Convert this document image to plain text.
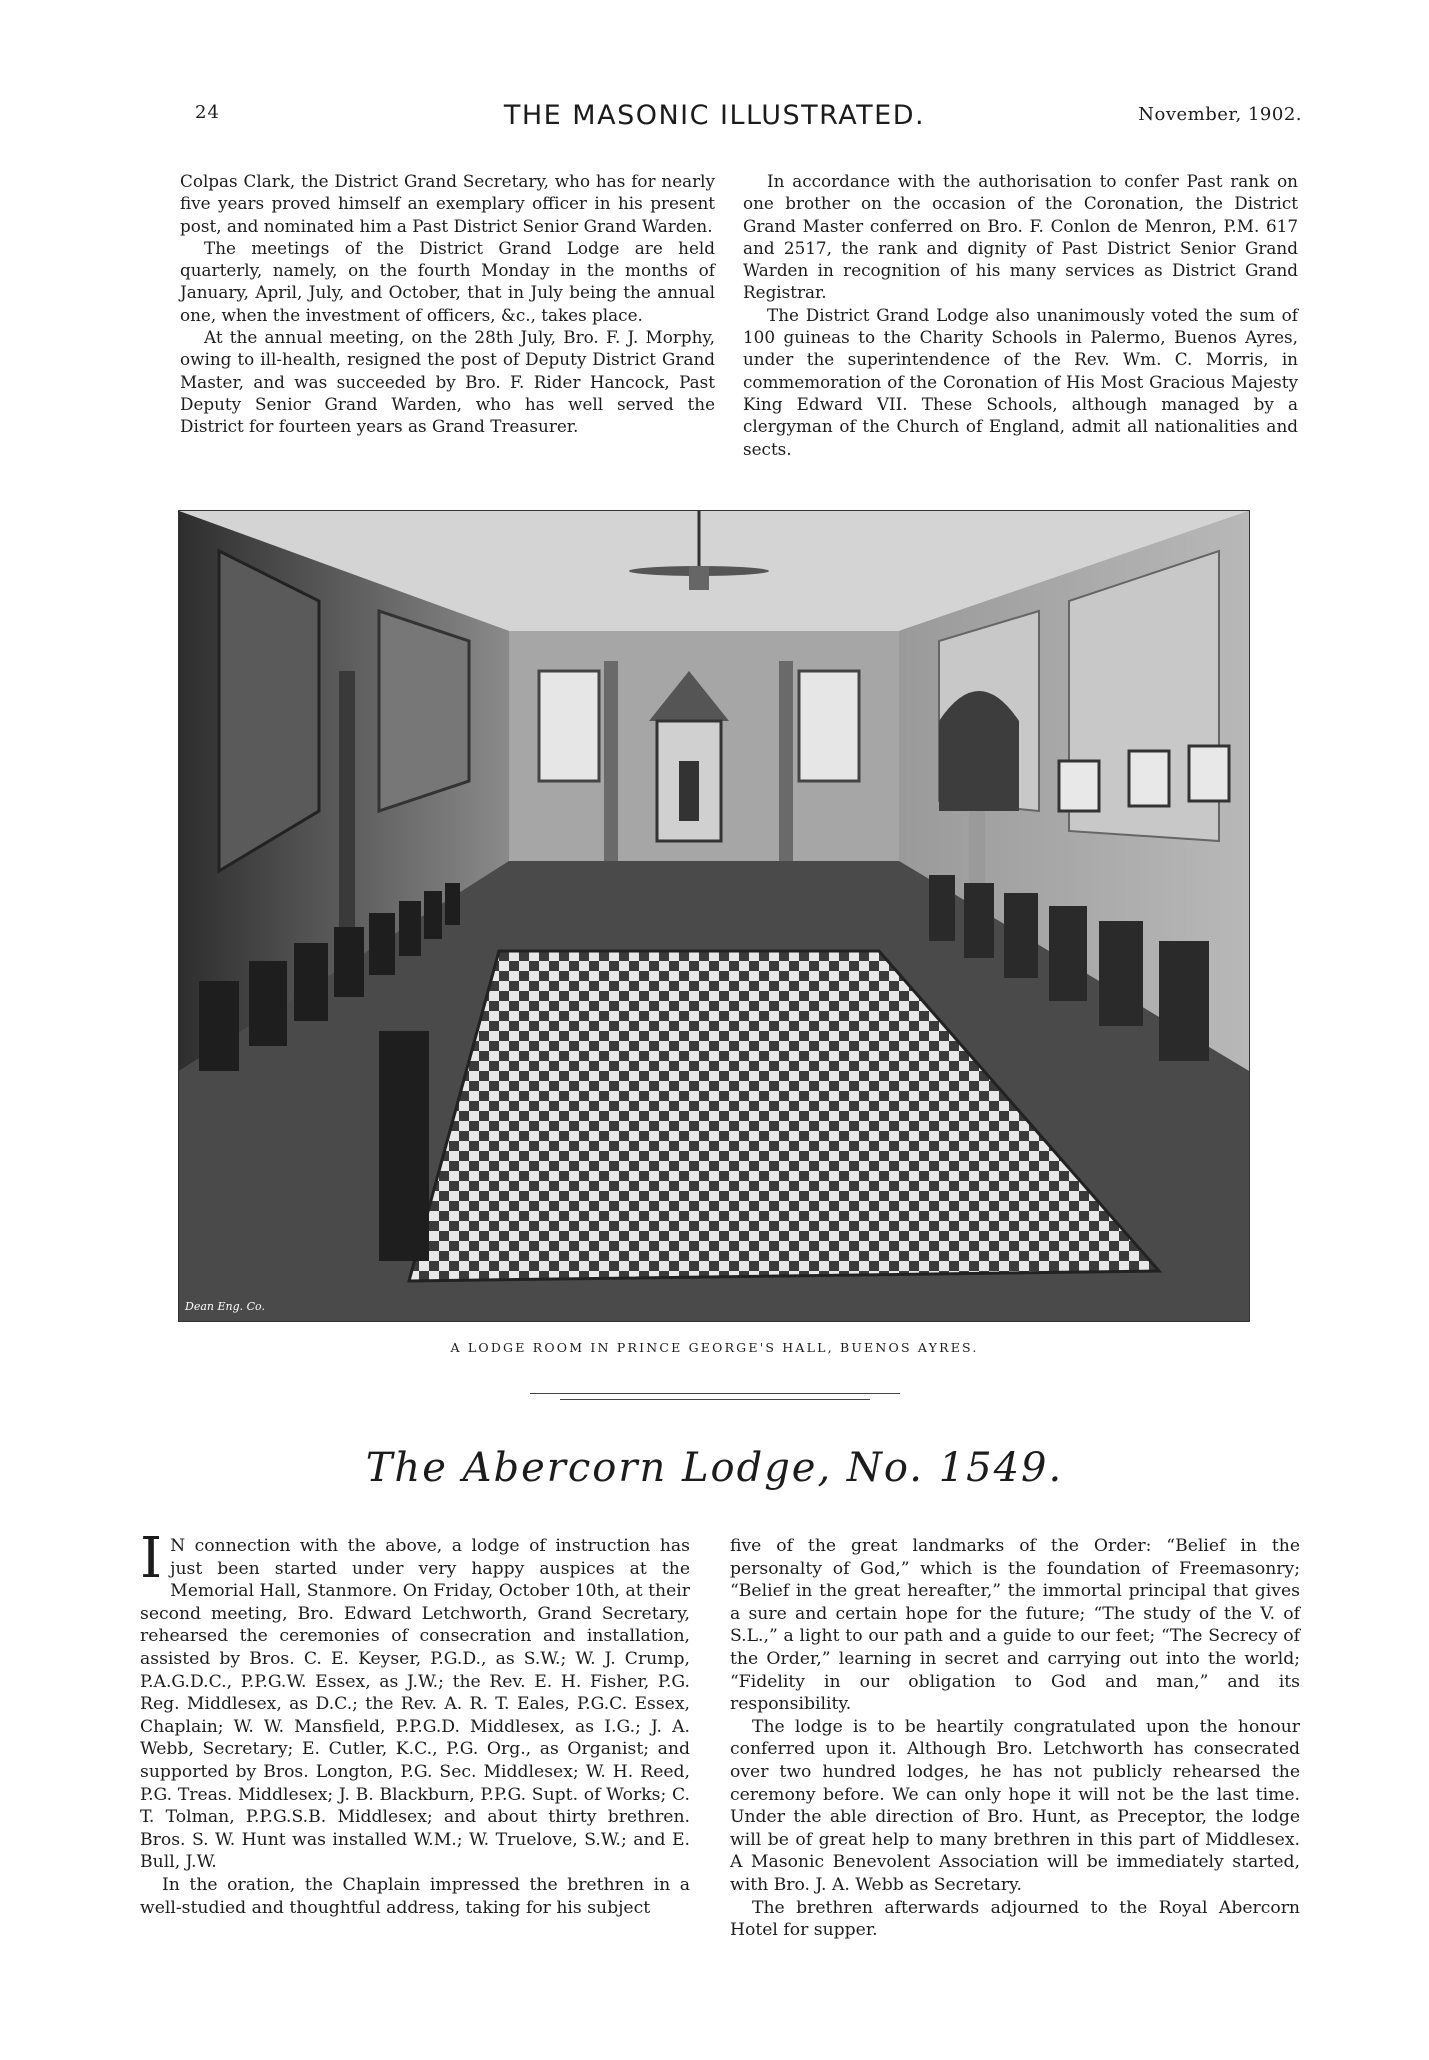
24	THE MASONIC ILLUSTRATED.	November, 1902.

Colpas Clark, the District Grand Secretary, who has for nearly five years proved himself an exemplary officer in his present post, and nominated him a Past District Senior Grand Warden.

The meetings of the District Grand Lodge are held quarterly, namely, on the fourth Monday in the months of January, April, July, and October, that in July being the annual one, when the investment of officers, &c., takes place.

At the annual meeting, on the 28th July, Bro. F. J. Morphy, owing to ill-health, resigned the post of Deputy District Grand Master, and was succeeded by Bro. F. Rider Hancock, Past Deputy Senior Grand Warden, who has well served the District for fourteen years as Grand Treasurer.

In accordance with the authorisation to confer Past rank on one brother on the occasion of the Coronation, the District Grand Master conferred on Bro. F. Conlon de Menron, P.M. 617 and 2517, the rank and dignity of Past District Senior Grand Warden in recognition of his many services as District Grand Registrar.

The District Grand Lodge also unanimously voted the sum of 100 guineas to the Charity Schools in Palermo, Buenos Ayres, under the superintendence of the Rev. Wm. C. Morris, in commemoration of the Coronation of His Most Gracious Majesty King Edward VII. These Schools, although managed by a clergyman of the Church of England, admit all nationalities and sects.

Dean Eng. Co.
A LODGE ROOM IN PRINCE GEORGE'S HALL, BUENOS AYRES.
The Abercorn Lodge, No. 1549.

I N connection with the above, a lodge of instruction has just been started under very happy auspices at the Memorial Hall, Stanmore. On Friday, October 10th, at their second meeting, Bro. Edward Letchworth, Grand Secretary, rehearsed the ceremonies of consecration and installation, assisted by Bros. C. E. Keyser, P.G.D., as S.W.; W. J. Crump, P.A.G.D.C., P.P.G.W. Essex, as J.W.; the Rev. E. H. Fisher, P.G. Reg. Middlesex, as D.C.; the Rev. A. R. T. Eales, P.G.C. Essex, Chaplain; W. W. Mansfield, P.P.G.D. Middlesex, as I.G.; J. A. Webb, Secretary; E. Cutler, K.C., P.G. Org., as Organist; and supported by Bros. Longton, P.G. Sec. Middlesex; W. H. Reed, P.G. Treas. Middlesex; J. B. Blackburn, P.P.G. Supt. of Works; C. T. Tolman, P.P.G.S.B. Middlesex; and about thirty brethren. Bros. S. W. Hunt was installed W.M.; W. Truelove, S.W.; and E. Bull, J.W.

In the oration, the Chaplain impressed the brethren in a well-studied and thoughtful address, taking for his subject

five of the great landmarks of the Order: “Belief in the personalty of God,” which is the foundation of Freemasonry; “Belief in the great hereafter,” the immortal principal that gives a sure and certain hope for the future; “The study of the V. of S.L.,” a light to our path and a guide to our feet; “The Secrecy of the Order,” learning in secret and carrying out into the world; “Fidelity in our obligation to God and man,” and its responsibility.

The lodge is to be heartily congratulated upon the honour conferred upon it. Although Bro. Letchworth has consecrated over two hundred lodges, he has not publicly rehearsed the ceremony before. We can only hope it will not be the last time. Under the able direction of Bro. Hunt, as Preceptor, the lodge will be of great help to many brethren in this part of Middlesex. A Masonic Benevolent Association will be immediately started, with Bro. J. A. Webb as Secretary.

The brethren afterwards adjourned to the Royal Abercorn Hotel for supper.
